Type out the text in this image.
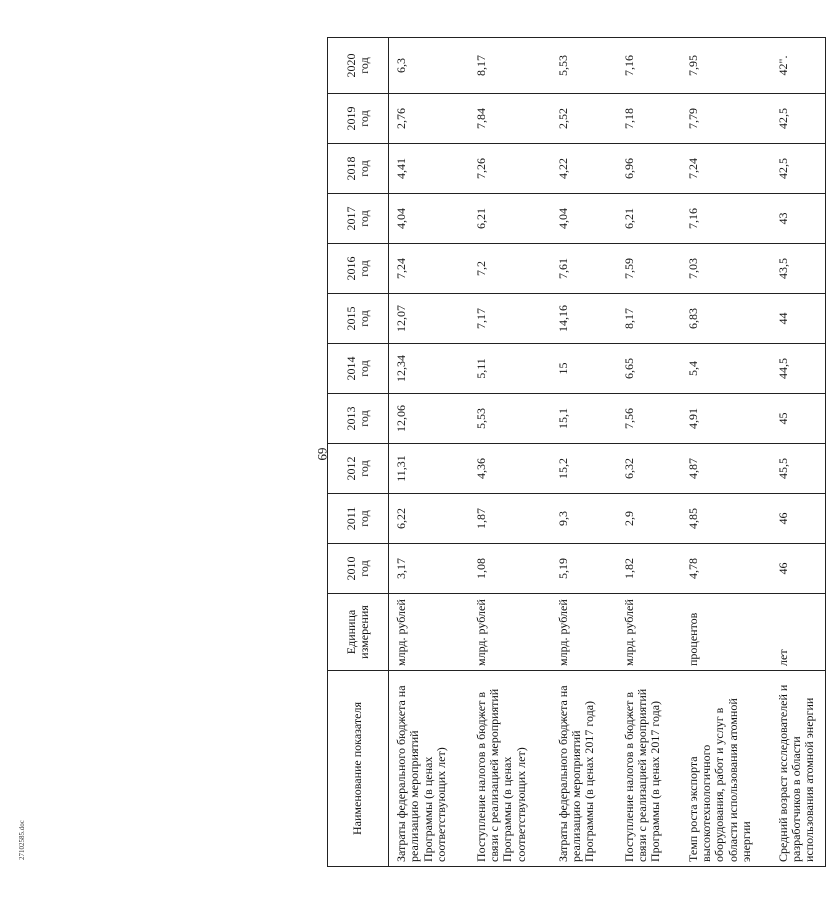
69
Наименование показателя	Единица измерения	2010 год	2011 год	2012 год	2013 год	2014 год	2015 год	2016 год	2017 год	2018 год	2019 год	2020 год

Затраты федерального бюджета на реализацию мероприятий Программы (в ценах соответствующих лет)	млрд. рублей	3,17	6,22	11,31	12,06	12,34	12,07	7,24	4,04	4,41	2,76	6,3
Поступление налогов в бюджет в связи с реализацией мероприятий Программы (в ценах соответствующих лет)	млрд. рублей	1,08	1,87	4,36	5,53	5,11	7,17	7,2	6,21	7,26	7,84	8,17
Затраты федерального бюджета на реализацию мероприятий Программы (в ценах 2017 года)	млрд. рублей	5,19	9,3	15,2	15,1	15	14,16	7,61	4,04	4,22	2,52	5,53
Поступление налогов в бюджет в связи с реализацией мероприятий Программы (в ценах 2017 года)	млрд. рублей	1,82	2,9	6,32	7,56	6,65	8,17	7,59	6,21	6,96	7,18	7,16
Темп роста экспорта высокотехнологичного оборудования, работ и услуг в области использования атомной энергии	процентов	4,78	4,85	4,87	4,91	5,4	6,83	7,03	7,16	7,24	7,79	7,95
Средний возраст исследователей и разработчиков в области использования атомной энергии	лет	46	46	45,5	45	44,5	44	43,5	43	42,5	42,5	42".
27102585.doc
